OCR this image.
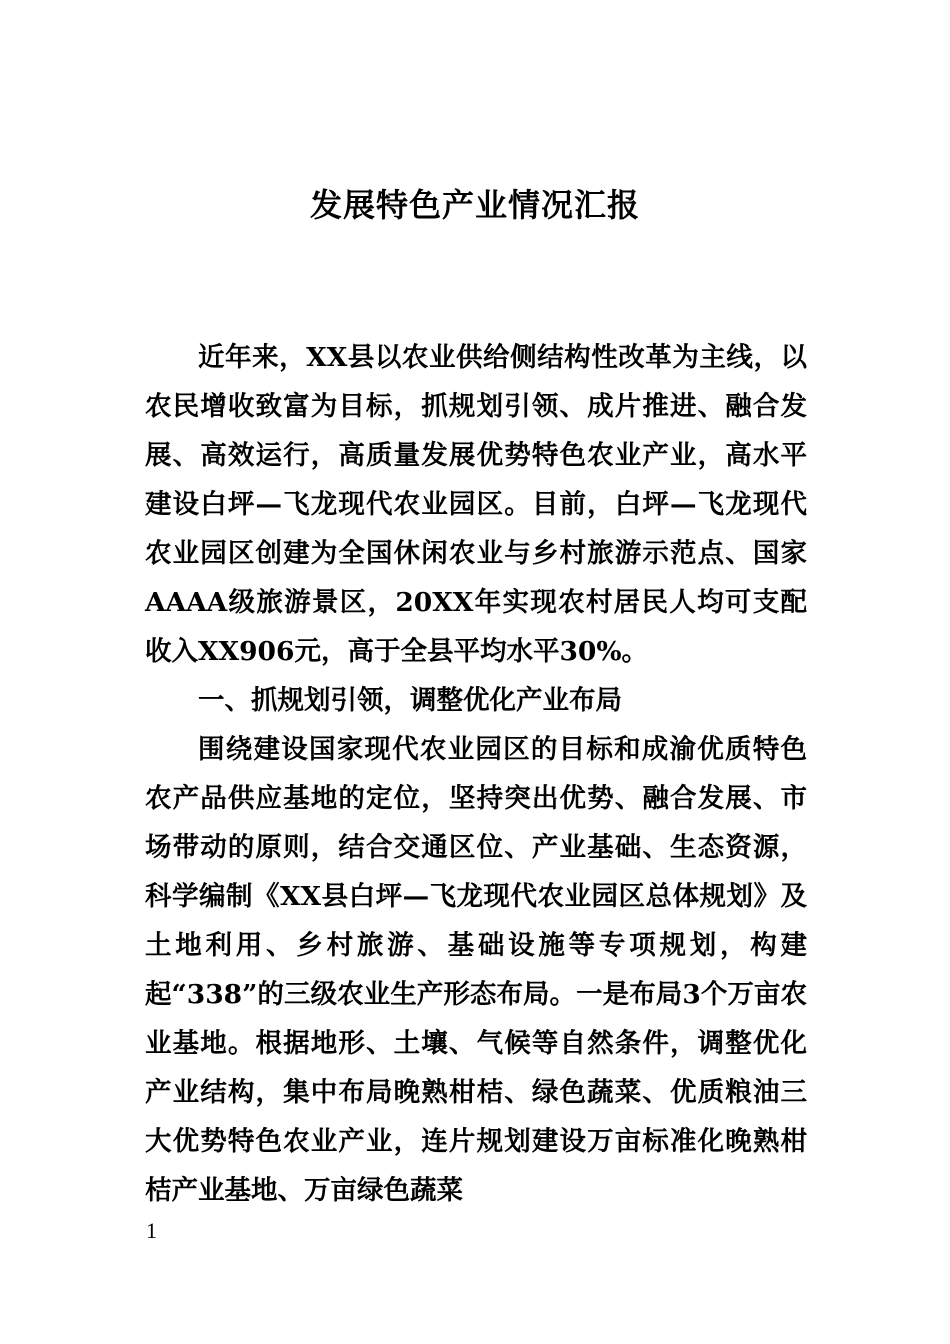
发展特色产业情况汇报

近年来，XX县以农业供给侧结构性改革为主线，以农民增收致富为目标，抓规划引领、成片推进、融合发展、高效运行，高质量发展优势特色农业产业，高水平建设白坪—飞龙现代农业园区。目前，白坪—飞龙现代农业园区创建为全国休闲农业与乡村旅游示范点、国家AAAA级旅游景区，20XX年实现农村居民人均可支配收入XX906元，高于全县平均水平30%。

一、抓规划引领，调整优化产业布局

围绕建设国家现代农业园区的目标和成渝优质特色农产品供应基地的定位，坚持突出优势、融合发展、市场带动的原则，结合交通区位、产业基础、生态资源，科学编制《XX县白坪—飞龙现代农业园区总体规划》及土地利用、乡村旅游、基础设施等专项规划，构建起“338”的三级农业生产形态布局。一是布局3个万亩农业基地。根据地形、土壤、气候等自然条件，调整优化产业结构，集中布局晚熟柑桔、绿色蔬菜、优质粮油三大优势特色农业产业，连片规划建设万亩标准化晚熟柑桔产业基地、万亩绿色蔬菜

1
